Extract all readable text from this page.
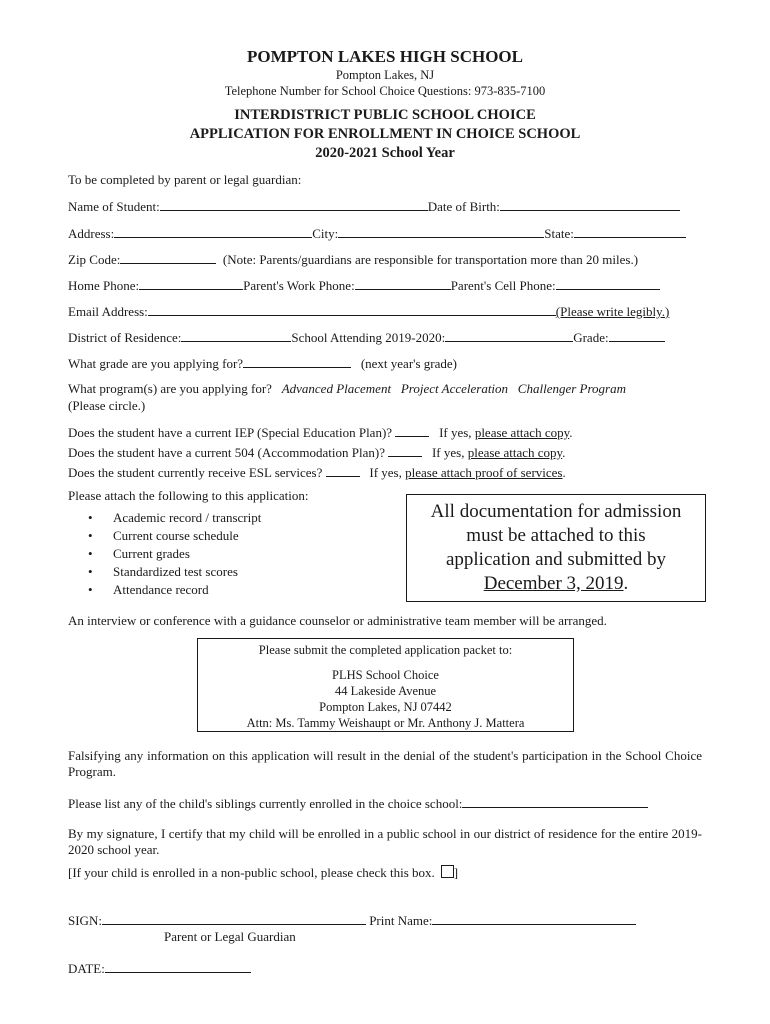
POMPTON LAKES HIGH SCHOOL
Pompton Lakes, NJ
Telephone Number for School Choice Questions: 973-835-7100
INTERDISTRICT PUBLIC SCHOOL CHOICE
APPLICATION FOR ENROLLMENT IN CHOICE SCHOOL
2020-2021 School Year
To be completed by parent or legal guardian:
Name of Student:	Date of Birth:
Address:	City:	State:
Zip Code:	(Note: Parents/guardians are responsible for transportation more than 20 miles.)
Home Phone:	Parent's Work Phone:	Parent's Cell Phone:
Email Address:	(Please write legibly.)
District of Residence:	School Attending 2019-2020:	Grade:
What grade are you applying for?	(next year's grade)
What program(s) are you applying for? Advanced Placement Project Acceleration Challenger Program
(Please circle.)
Does the student have a current IEP (Special Education Plan)?	If yes, please attach copy.
Does the student have a current 504 (Accommodation Plan)?	If yes, please attach copy.
Does the student currently receive ESL services?	If yes, please attach proof of services.
Please attach the following to this application:
• Academic record / transcript
• Current course schedule
• Current grades
• Standardized test scores
• Attendance record
All documentation for admission
must be attached to this
application and submitted by
December 3, 2019.
An interview or conference with a guidance counselor or administrative team member will be arranged.
Please submit the completed application packet to:
PLHS School Choice
44 Lakeside Avenue
Pompton Lakes, NJ 07442
Attn: Ms. Tammy Weishaupt or Mr. Anthony J. Mattera
Falsifying any information on this application will result in the denial of the student's participation in the School Choice Program.
Please list any of the child's siblings currently enrolled in the choice school:
By my signature, I certify that my child will be enrolled in a public school in our district of residence for the entire 2019-2020 school year.
[If your child is enrolled in a non-public school, please check this box. ]
SIGN:	Print Name:
Parent or Legal Guardian
DATE:
